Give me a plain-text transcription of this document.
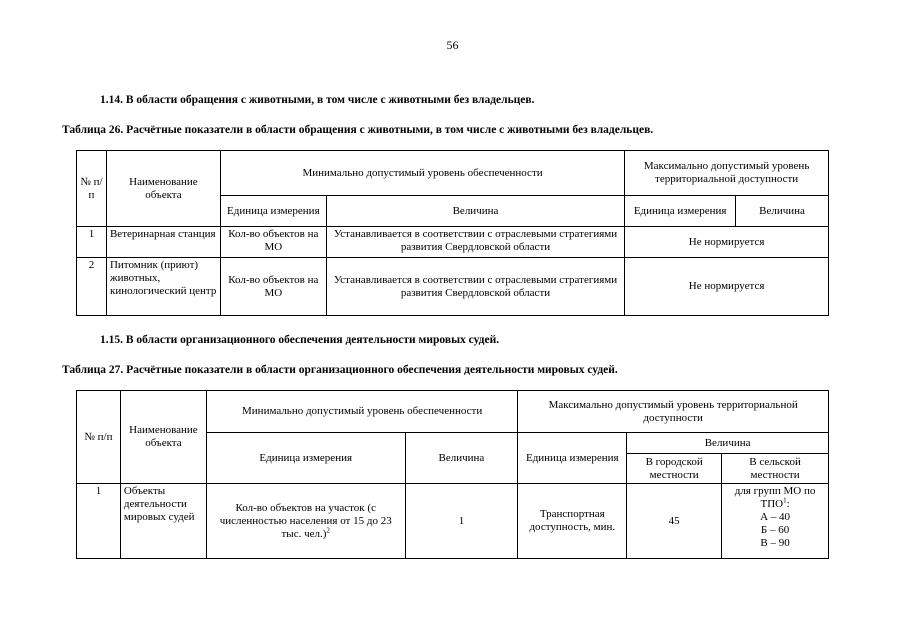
56
1.14. В области обращения с животными, в том числе с животными без владельцев.
Таблица 26. Расчётные показатели в области обращения с животными, в том числе с животными без владельцев.
№ п/п	Наименование объекта	Минимально допустимый уровень обеспеченности		Максимально допустимый уровень территориальной доступности	
		Единица измерения	Величина	Единица измерения	Величина
1	Ветеринарная станция	Кол-во объектов на МО	Устанавливается в соответствии с отраслевыми стратегиями развития Свердловской области	Не нормируется	
2	Питомник (приют) животных, кинологический центр	Кол-во объектов на МО	Устанавливается в соответствии с отраслевыми стратегиями развития Свердловской области	Не нормируется	
1.15. В области организационного обеспечения деятельности мировых судей.
Таблица 27. Расчётные показатели в области организационного обеспечения деятельности мировых судей.
№ п/п	Наименование объекта	Минимально допустимый уровень обеспеченности		Максимально допустимый уровень территориальной доступности		
		Единица измерения	Величина	Единица измерения	Величина	
					В городской местности	В сельской местности
1	Объекты деятельности мировых судей	Кол-во объектов на участок (с численностью населения от 15 до 23 тыс. чел.)$^2$	1	Транспортная доступность, мин.	45	для групп МО по ТПО$^1$:
А – 40
Б – 60
В – 90
